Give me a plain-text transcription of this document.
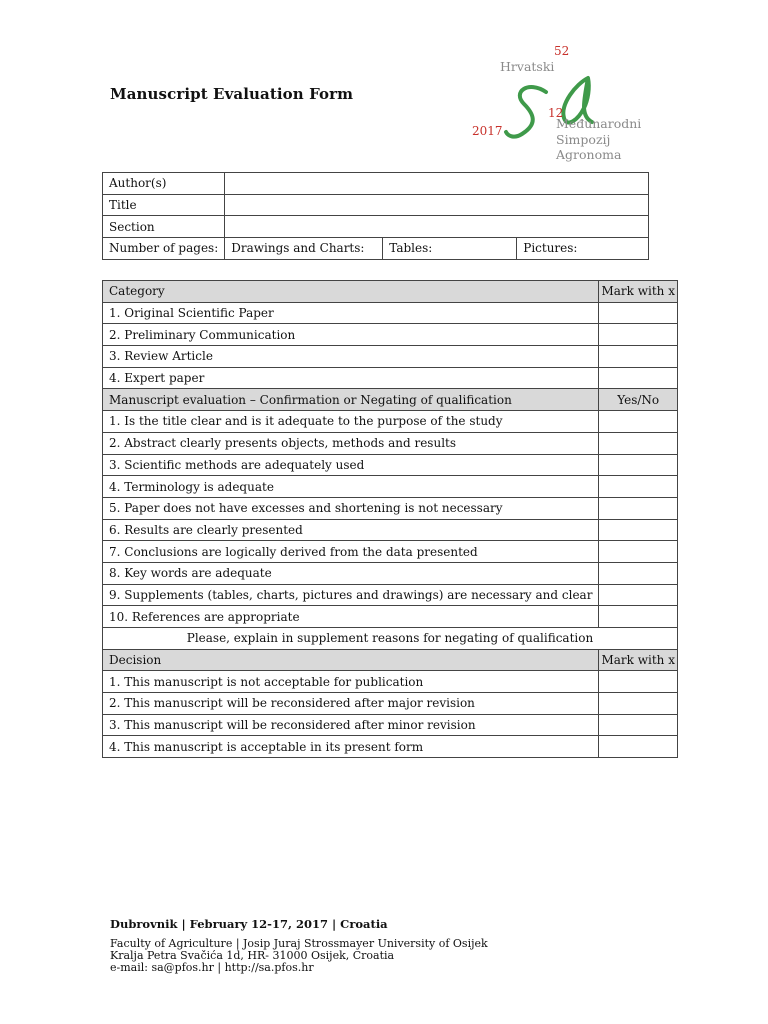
Manuscript Evaluation Form
52
Hrvatski
12
2017	Međunarodni
Simpozij
Agronoma
Author(s)			
Title			
Section			
Number of pages:	Drawings and Charts:	Tables:	Pictures:
Category	Mark with x
1. Original Scientific Paper	
2. Preliminary Communication	
3. Review Article	
4. Expert paper	
Manuscript evaluation – Confirmation or Negating of qualification	Yes/No
1. Is the title clear and is it adequate to the purpose of the study	
2. Abstract clearly presents objects, methods and results	
3. Scientific methods are adequately used	
4. Terminology is adequate	
5. Paper does not have excesses and shortening is not necessary	
6. Results are clearly presented	
7. Conclusions are logically derived from the data presented	
8. Key words are adequate	
9. Supplements (tables, charts, pictures and drawings) are necessary and clear	
10. References are appropriate	
Please, explain in supplement reasons for negating of qualification	
Decision	Mark with x
1. This manuscript is not acceptable for publication	
2. This manuscript will be reconsidered after major revision	
3. This manuscript will be reconsidered after minor revision	
4. This manuscript is acceptable in its present form	
Dubrovnik | February 12-17, 2017 | Croatia
Faculty of Agriculture | Josip Juraj Strossmayer University of Osijek
Kralja Petra Svačića 1d, HR- 31000 Osijek, Croatia
e-mail: sa@pfos.hr | http://sa.pfos.hr
